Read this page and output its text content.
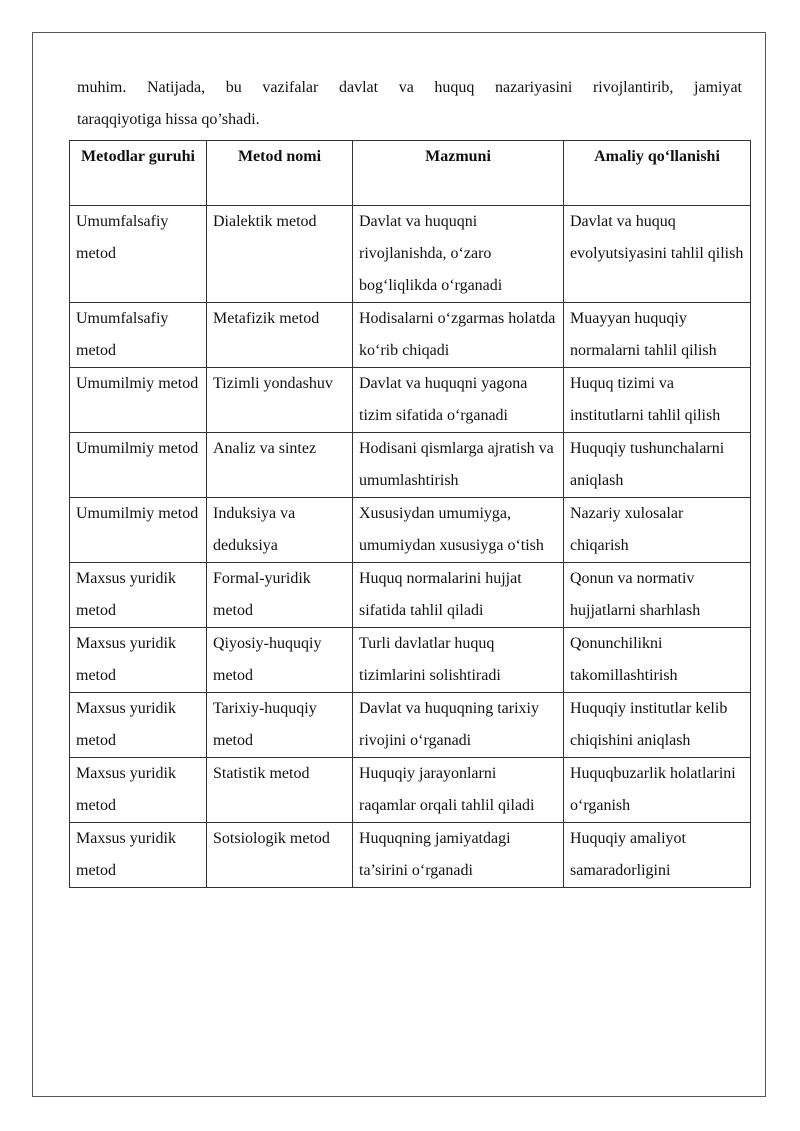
muhim. Natijada, bu vazifalar davlat va huquq nazariyasini rivojlantirib, jamiyat
taraqqiyotiga hissa qo’shadi.

Metodlar guruhi	Metod nomi	Mazmuni	Amaliy qo‘llanishi
Umumfalsafiy metod	Dialektik metod	Davlat va huquqni rivojlanishda, o‘zaro bog‘liqlikda o‘rganadi	Davlat va huquq evolyutsiyasini tahlil qilish
Umumfalsafiy metod	Metafizik metod	Hodisalarni o‘zgarmas holatda ko‘rib chiqadi	Muayyan huquqiy normalarni tahlil qilish
Umumilmiy metod	Tizimli yondashuv	Davlat va huquqni yagona tizim sifatida o‘rganadi	Huquq tizimi va institutlarni tahlil qilish
Umumilmiy metod	Analiz va sintez	Hodisani qismlarga ajratish va umumlashtirish	Huquqiy tushunchalarni aniqlash
Umumilmiy metod	Induksiya va deduksiya	Xususiydan umumiyga, umumiydan xususiyga o‘tish	Nazariy xulosalar chiqarish
Maxsus yuridik metod	Formal-yuridik metod	Huquq normalarini hujjat sifatida tahlil qiladi	Qonun va normativ hujjatlarni sharhlash
Maxsus yuridik metod	Qiyosiy-huquqiy metod	Turli davlatlar huquq tizimlarini solishtiradi	Qonunchilikni takomillashtirish
Maxsus yuridik metod	Tarixiy-huquqiy metod	Davlat va huquqning tarixiy rivojini o‘rganadi	Huquqiy institutlar kelib chiqishini aniqlash
Maxsus yuridik metod	Statistik metod	Huquqiy jarayonlarni raqamlar orqali tahlil qiladi	Huquqbuzarlik holatlarini o‘rganish
Maxsus yuridik metod	Sotsiologik metod	Huquqning jamiyatdagi ta’sirini o‘rganadi	Huquqiy amaliyot samaradorligini
